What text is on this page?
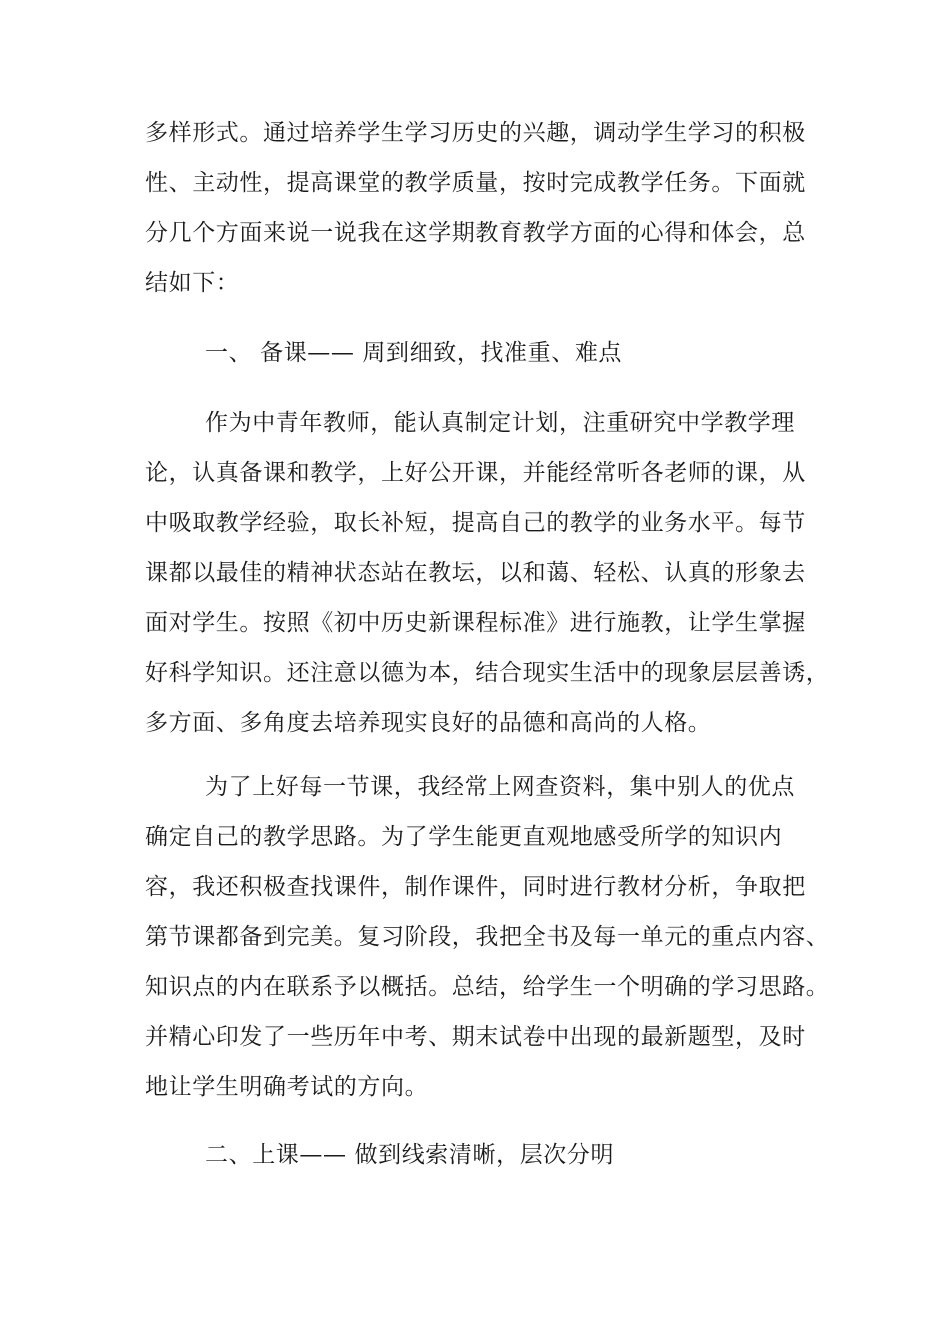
多样形式。通过培养学生学习历史的兴趣，调动学生学习的积极
性、主动性，提高课堂的教学质量，按时完成教学任务。下面就
分几个方面来说一说我在这学期教育教学方面的心得和体会，总
结如下：
一、 备课—— 周到细致，找准重、难点
作为中青年教师，能认真制定计划，注重研究中学教学理
论，认真备课和教学，上好公开课，并能经常听各老师的课，从
中吸取教学经验，取长补短，提高自己的教学的业务水平。每节
课都以最佳的精神状态站在教坛，以和蔼、轻松、认真的形象去
面对学生。按照《初中历史新课程标准》进行施教，让学生掌握
好科学知识。还注意以德为本，结合现实生活中的现象层层善诱，
多方面、多角度去培养现实良好的品德和高尚的人格。
为了上好每一节课，我经常上网查资料，集中别人的优点
确定自己的教学思路。为了学生能更直观地感受所学的知识内
容，我还积极查找课件，制作课件，同时进行教材分析，争取把
第节课都备到完美。复习阶段，我把全书及每一单元的重点内容、
知识点的内在联系予以概括。总结，给学生一个明确的学习思路。
并精心印发了一些历年中考、期末试卷中出现的最新题型，及时
地让学生明确考试的方向。
二、上课—— 做到线索清晰，层次分明
